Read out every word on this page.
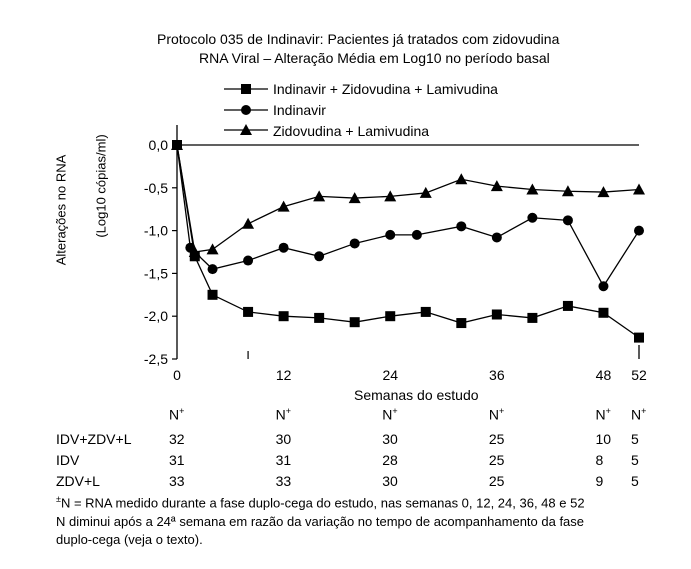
Protocolo 035 de Indinavir: Pacientes já tratados com zidovudina
RNA Viral – Alteração Média em Log10 no período basal
Indinavir + Zidovudina + Lamivudina
Indinavir
Zidovudina + Lamivudina
Alterações no RNA (Log10 cópias/ml)	0,0
-0,5
-1,0
-1,5
-2,0
-2,5
0	12	24	36	48 52
Semanas do estudo
N+	N+	N+	N+	N+ N+
IDV+ZDV+L	32	30	30	25	10 5
IDV	31	31	28	25	8 5
ZDV+L	33	33	30	25	9 5
±N = RNA medido durante a fase duplo-cega do estudo, nas semanas 0, 12, 24, 36, 48 e 52
N diminui após a 24ª semana em razão da variação no tempo de acompanhamento da fase
duplo-cega (veja o texto).
